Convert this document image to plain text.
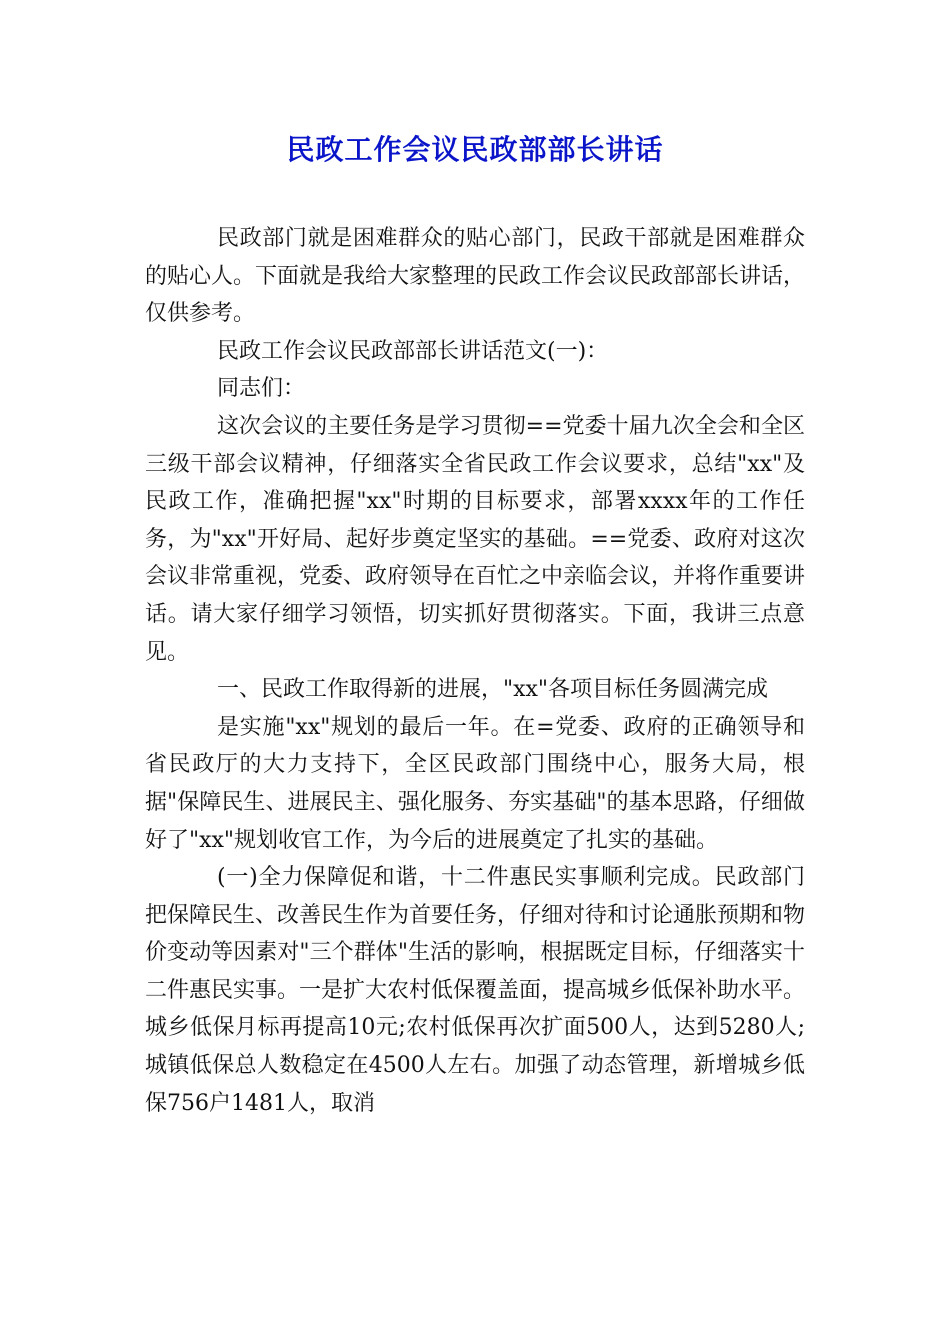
民政工作会议民政部部长讲话

民政部门就是困难群众的贴心部门，民政干部就是困难群众的贴心人。下面就是我给大家整理的民政工作会议民政部部长讲话，仅供参考。

民政工作会议民政部部长讲话范文(一)：

同志们：

这次会议的主要任务是学习贯彻==党委十届九次全会和全区三级干部会议精神，仔细落实全省民政工作会议要求，总结"xx"及民政工作，准确把握"xx"时期的目标要求，部署xxxx年的工作任务，为"xx"开好局、起好步奠定坚实的基础。==党委、政府对这次会议非常重视，党委、政府领导在百忙之中亲临会议，并将作重要讲话。请大家仔细学习领悟，切实抓好贯彻落实。下面，我讲三点意见。

一、民政工作取得新的进展，"xx"各项目标任务圆满完成

是实施"xx"规划的最后一年。在=党委、政府的正确领导和省民政厅的大力支持下，全区民政部门围绕中心，服务大局，根据"保障民生、进展民主、强化服务、夯实基础"的基本思路，仔细做好了"xx"规划收官工作，为今后的进展奠定了扎实的基础。

(一)全力保障促和谐，十二件惠民实事顺利完成。民政部门把保障民生、改善民生作为首要任务，仔细对待和讨论通胀预期和物价变动等因素对"三个群体"生活的影响，根据既定目标，仔细落实十二件惠民实事。一是扩大农村低保覆盖面，提高城乡低保补助水平。城乡低保月标再提高10元;农村低保再次扩面500人，达到5280人;城镇低保总人数稳定在4500人左右。加强了动态管理，新增城乡低保756户1481人，取消
